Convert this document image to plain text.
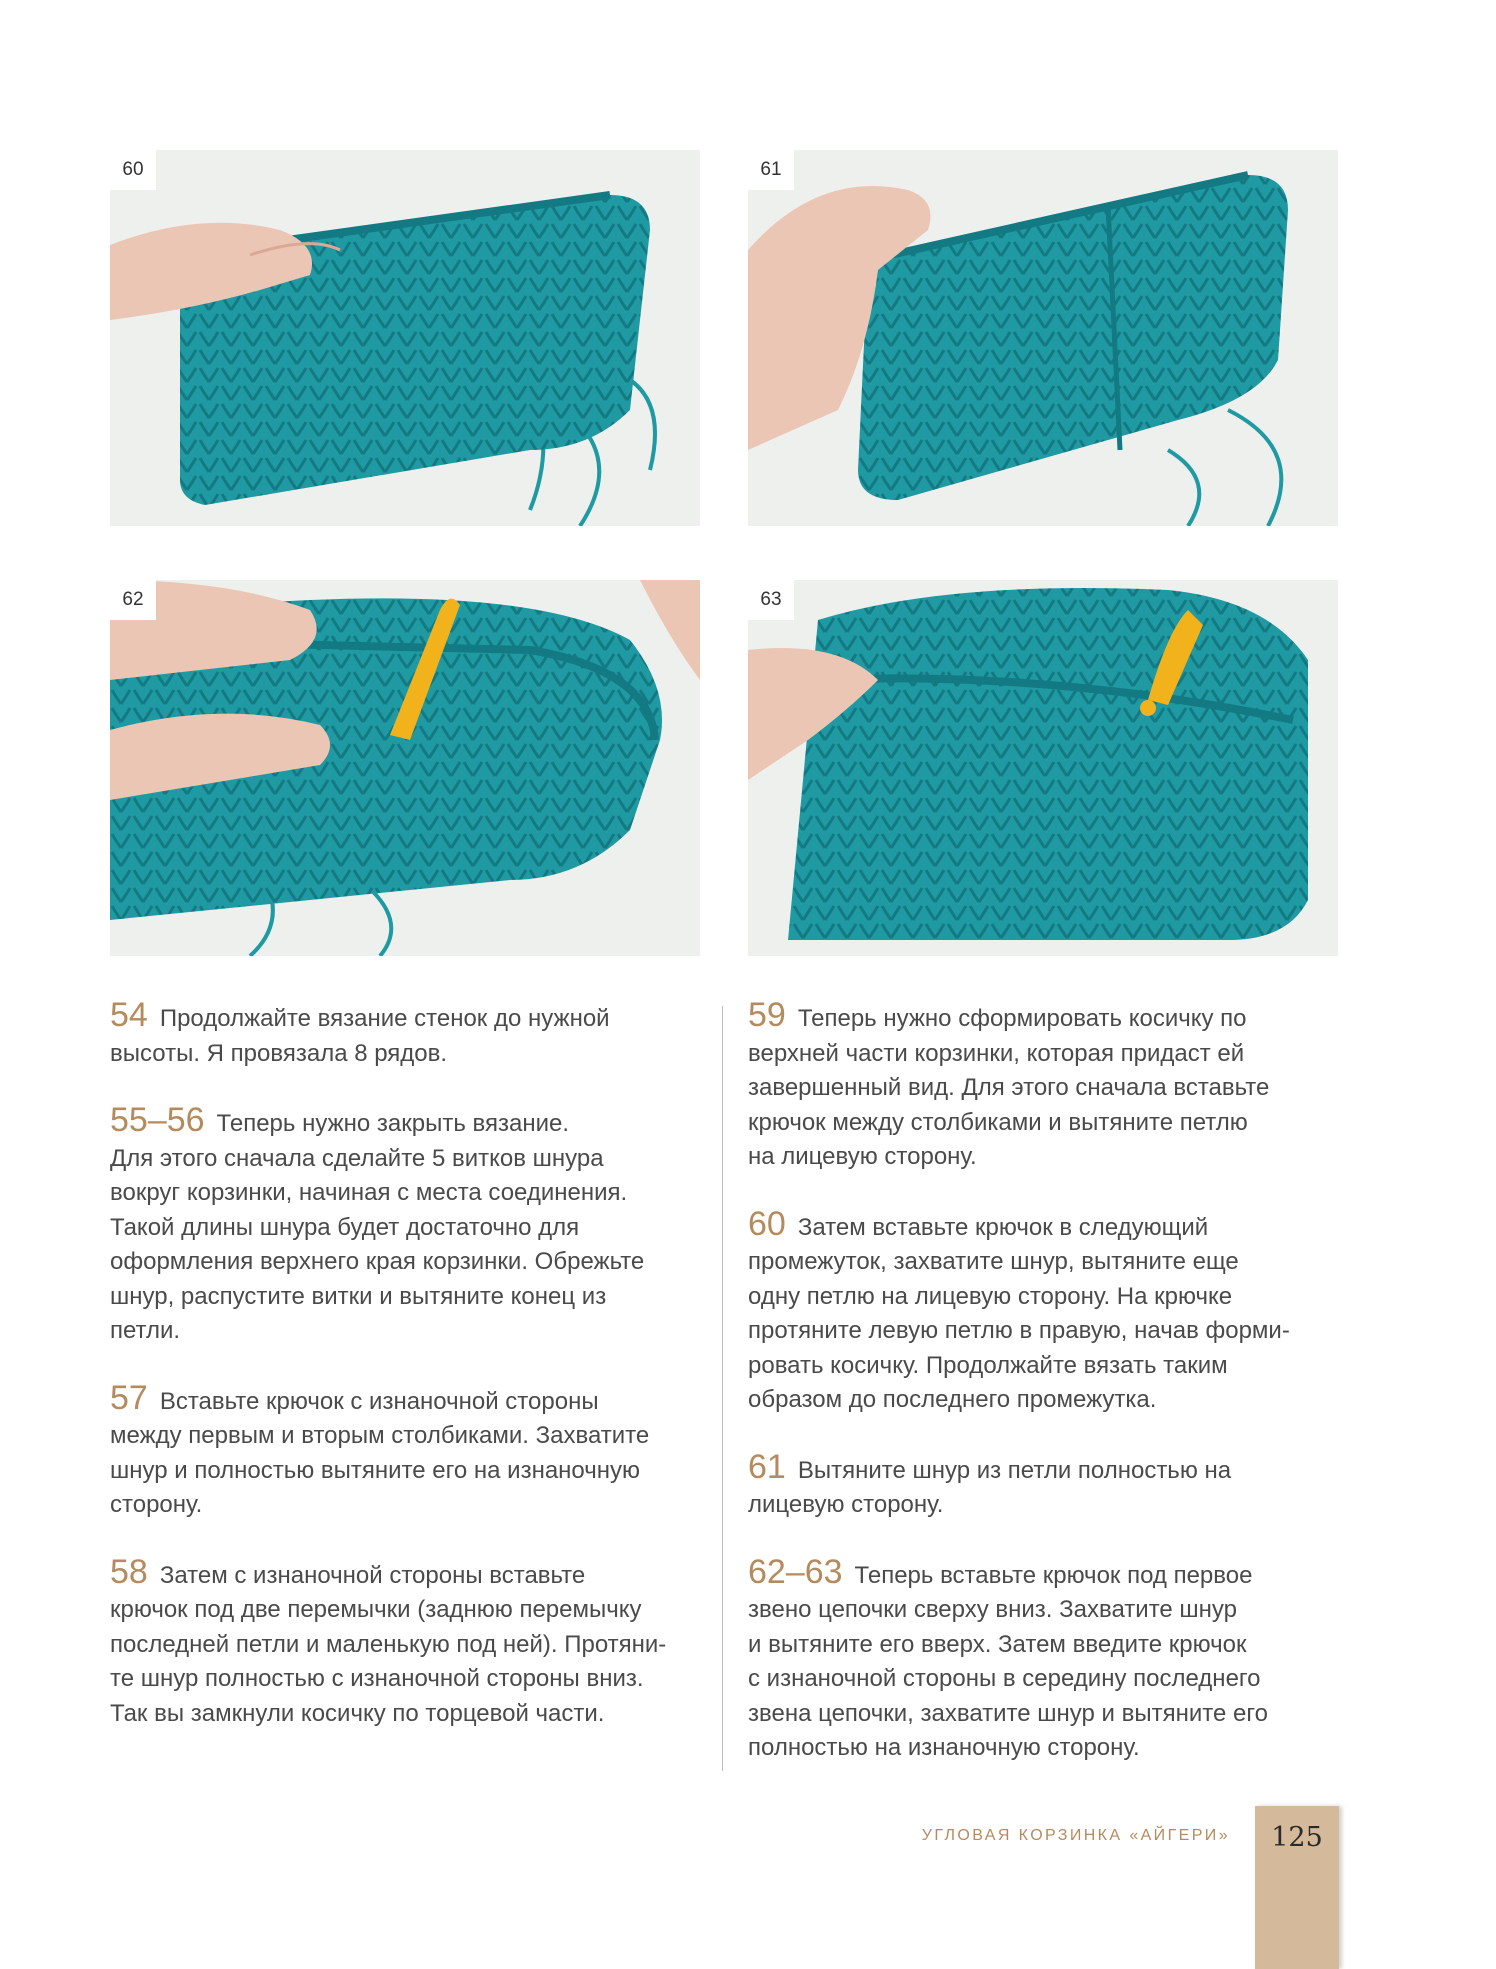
60	61
62	63

54 Продолжайте вязание стенок до нужной
высоты. Я провязала 8 рядов.

55–56 Теперь нужно закрыть вязание.
Для этого сначала сделайте 5 витков шнура
вокруг корзинки, начиная с места соединения.
Такой длины шнура будет достаточно для
оформления верхнего края корзинки. Обрежьте
шнур, распустите витки и вытяните конец из
петли.

57 Вставьте крючок с изнаночной стороны
между первым и вторым столбиками. Захватите
шнур и полностью вытяните его на изнаночную
сторону.

58 Затем с изнаночной стороны вставьте
крючок под две перемычки (заднюю перемычку
последней петли и маленькую под ней). Протяни-
те шнур полностью с изнаночной стороны вниз.
Так вы замкнули косичку по торцевой части.

59 Теперь нужно сформировать косичку по
верхней части корзинки, которая придаст ей
завершенный вид. Для этого сначала вставьте
крючок между столбиками и вытяните петлю
на лицевую сторону.

60 Затем вставьте крючок в следующий
промежуток, захватите шнур, вытяните еще
одну петлю на лицевую сторону. На крючке
протяните левую петлю в правую, начав форми-
ровать косичку. Продолжайте вязать таким
образом до последнего промежутка.

61 Вытяните шнур из петли полностью на
лицевую сторону.

62–63 Теперь вставьте крючок под первое
звено цепочки сверху вниз. Захватите шнур
и вытяните его вверх. Затем введите крючок
с изнаночной стороны в середину последнего
звена цепочки, захватите шнур и вытяните его
полностью на изнаночную сторону.

УГЛОВАЯ КОРЗИНКА «АЙГЕРИ»	125
